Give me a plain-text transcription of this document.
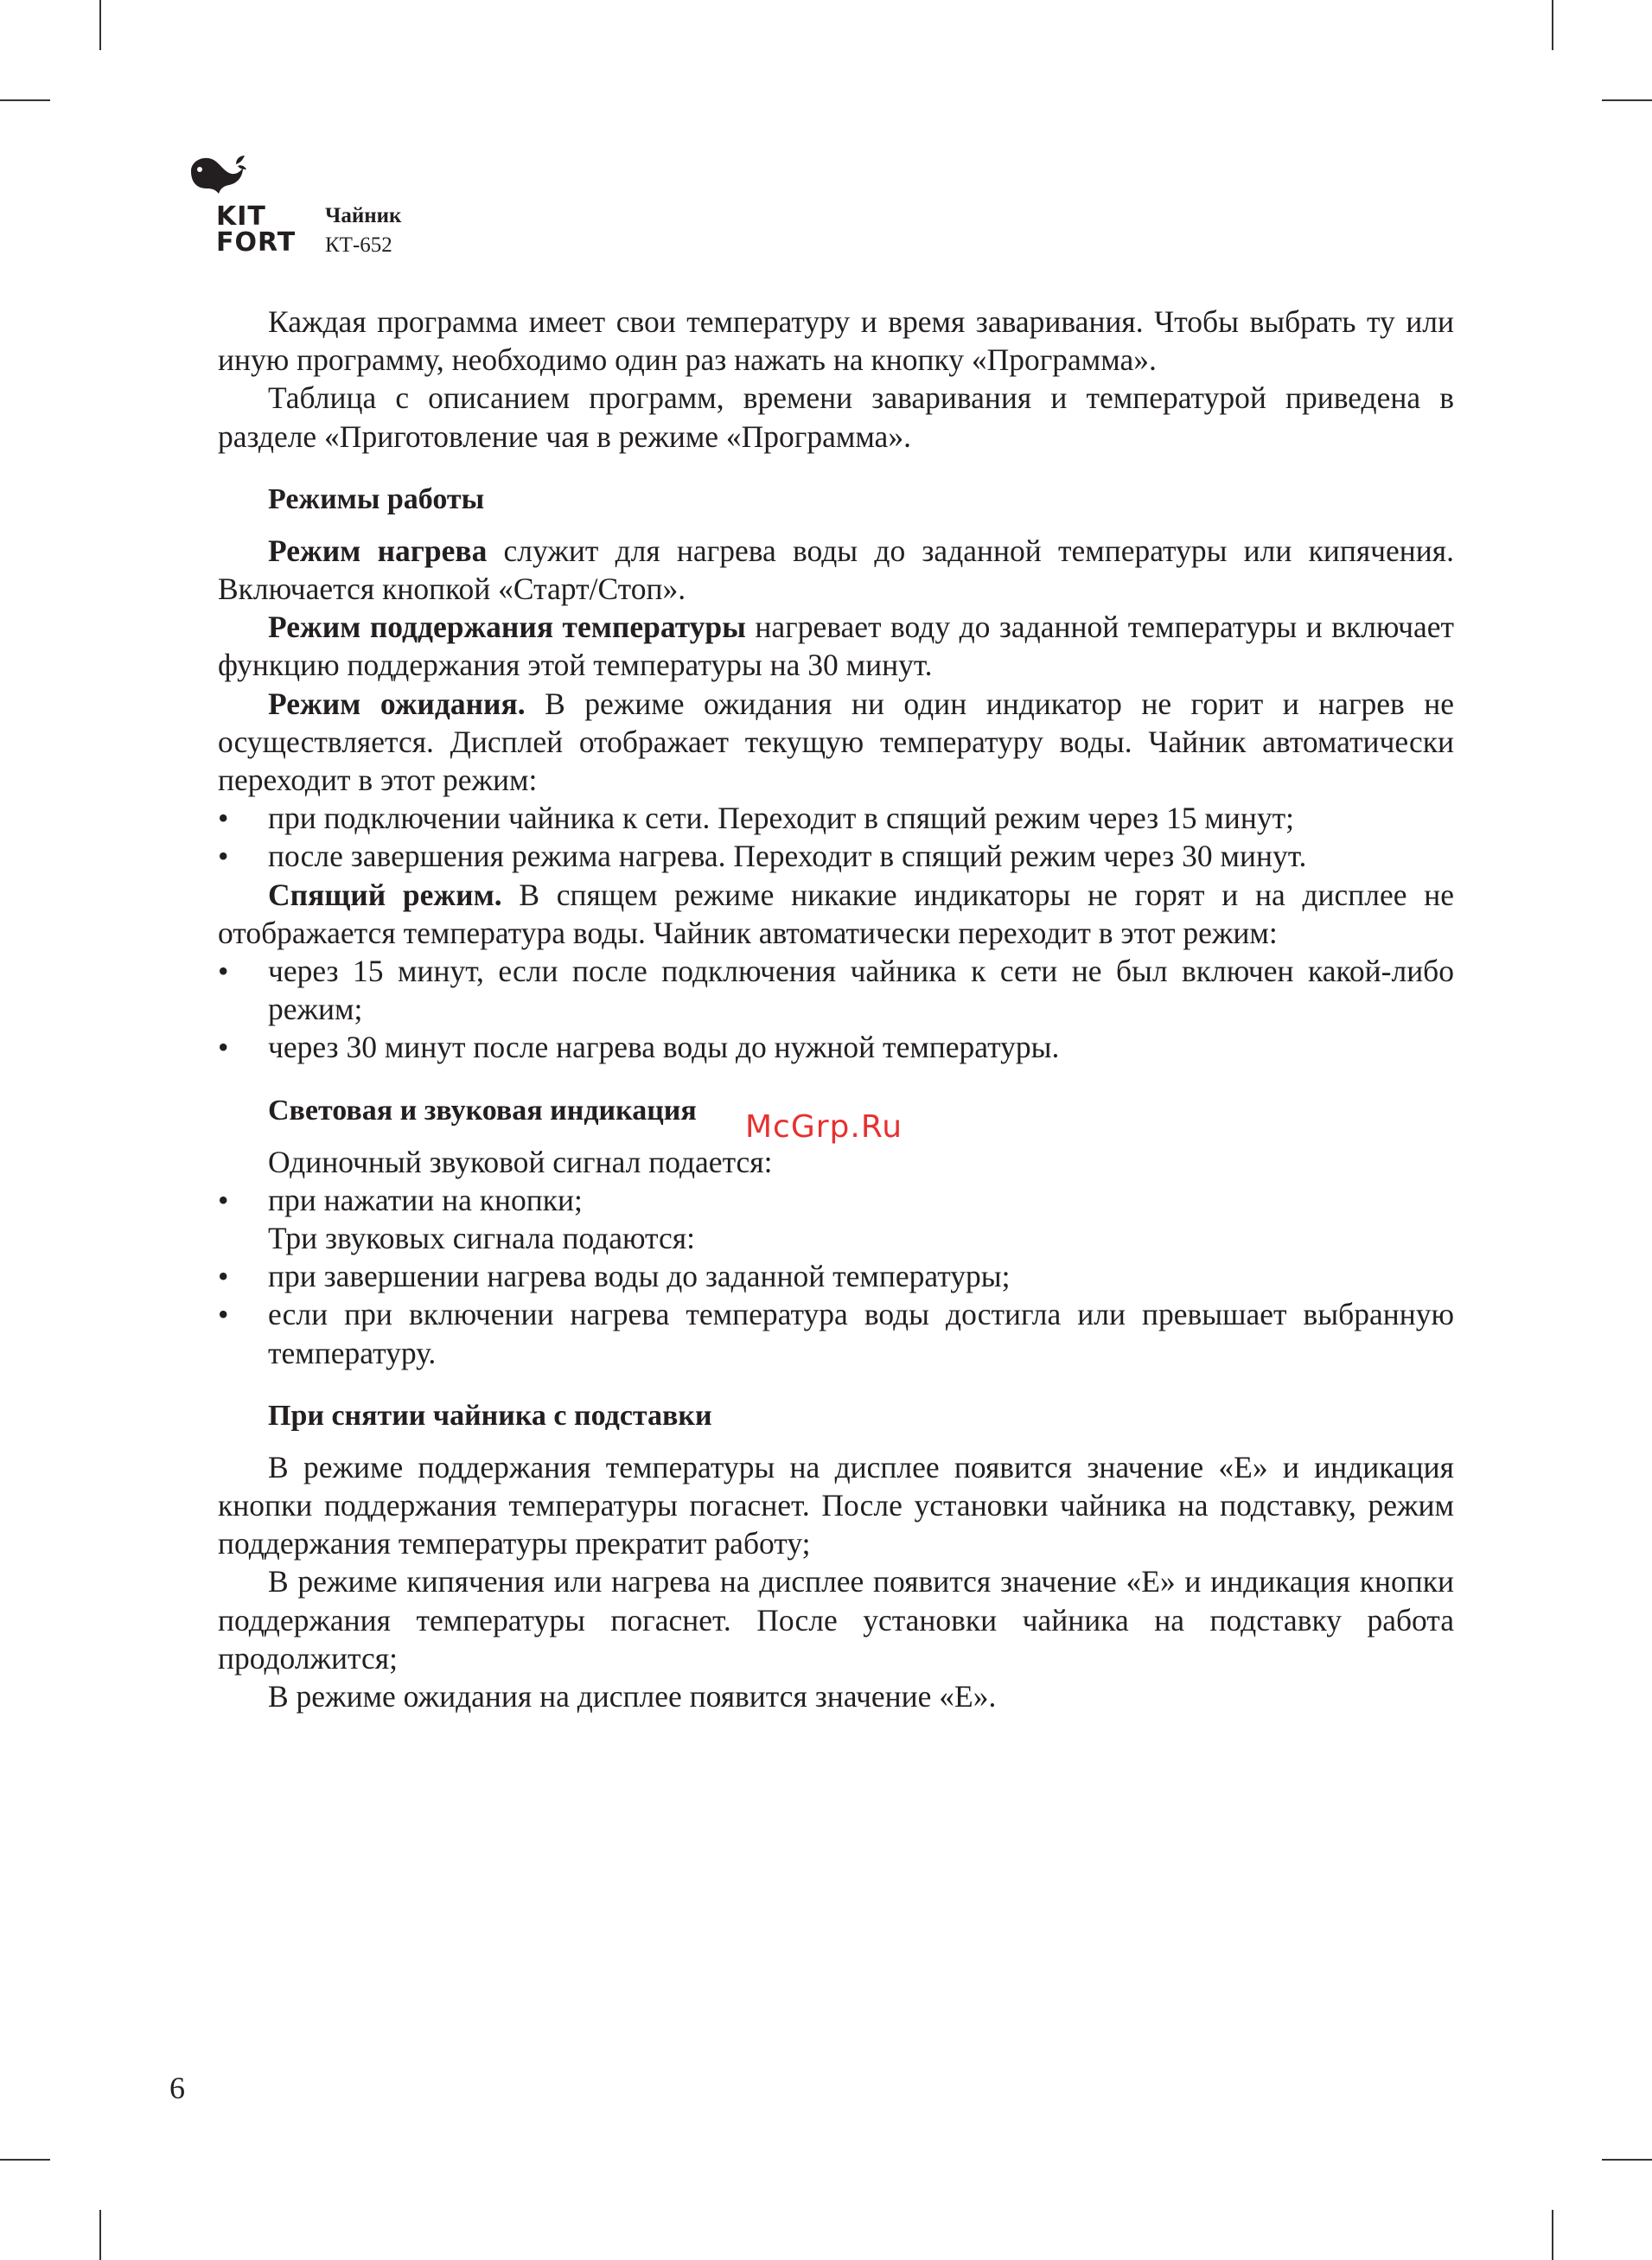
KIT
FORT
Чайник
КТ-652

Каждая программа имеет свои температуру и время заваривания. Чтобы выбрать ту или иную программу, необходимо один раз нажать на кнопку «Программа».

Таблица с описанием программ, времени заваривания и температурой приведена в разделе «Приготовление чая в режиме «Программа».

Режимы работы

Режим нагрева служит для нагрева воды до заданной температуры или кипячения. Включается кнопкой «Старт/Стоп».

Режим поддержания температуры нагревает воду до заданной температуры и включает функцию поддержания этой температуры на 30 минут.

Режим ожидания. В режиме ожидания ни один индикатор не горит и нагрев не осуществляется. Дисплей отображает текущую температуру воды. Чайник автоматически переходит в этот режим:

• при подключении чайника к сети. Переходит в спящий режим через 15 минут;
• после завершения режима нагрева. Переходит в спящий режим через 30 минут.

Спящий режим. В спящем режиме никакие индикаторы не горят и на дисплее не отображается температура воды. Чайник автоматически переходит в этот режим:

• через 15 минут, если после подключения чайника к сети не был включен какой-либо режим;
• через 30 минут после нагрева воды до нужной температуры.
Световая и звуковая индикация
Одиночный звуковой сигнал подается:
• при нажатии на кнопки;
Три звуковых сигнала подаются:
• при завершении нагрева воды до заданной температуры;
• если при включении нагрева температура воды достигла или превышает выбранную температуру.
При снятии чайника с подставки

В режиме поддержания температуры на дисплее появится значение «Е» и индикация кнопки поддержания температуры погаснет. После установки чайника на подставку, режим поддержания температуры прекратит работу;

В режиме кипячения или нагрева на дисплее появится значение «Е» и индикация кнопки поддержания температуры погаснет. После установки чайника на подставку работа продолжится;

В режиме ожидания на дисплее появится значение «Е».

McGrp.Ru
6
